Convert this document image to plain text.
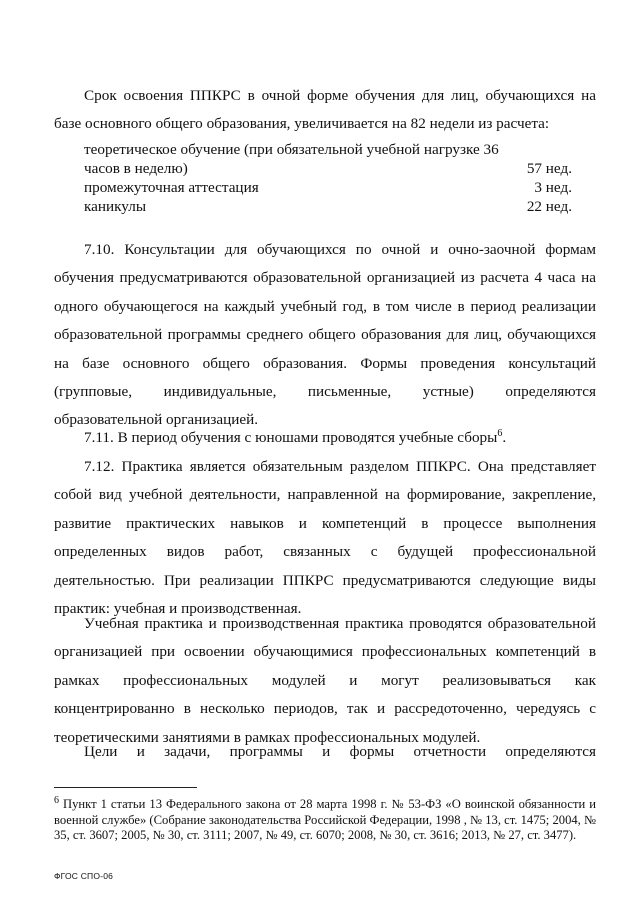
Срок освоения ППКРС в очной форме обучения для лиц, обучающихся на базе основного общего образования, увеличивается на 82 недели из расчета:

теоретическое обучение (при обязательной учебной нагрузке 36 часов в неделю)	57 нед.
промежуточная аттестация	3 нед.
каникулы	22 нед.

7.10. Консультации для обучающихся по очной и очно-заочной формам обучения предусматриваются образовательной организацией из расчета 4 часа на одного обучающегося на каждый учебный год, в том числе в период реализации образовательной программы среднего общего образования для лиц, обучающихся на базе основного общего образования. Формы проведения консультаций (групповые, индивидуальные, письменные, устные) определяются образовательной организацией.

7.11. В период обучения с юношами проводятся учебные сборы$^6$.

7.12. Практика является обязательным разделом ППКРС. Она представляет собой вид учебной деятельности, направленной на формирование, закрепление, развитие практических навыков и компетенций в процессе выполнения определенных видов работ, связанных с будущей профессиональной деятельностью. При реализации ППКРС предусматриваются следующие виды практик: учебная и производственная.

Учебная практика и производственная практика проводятся образовательной организацией при освоении обучающимися профессиональных компетенций в рамках профессиональных модулей и могут реализовываться как концентрированно в несколько периодов, так и рассредоточенно, чередуясь с теоретическими занятиями в рамках профессиональных модулей.

Цели и задачи, программы и формы отчетности определяются

$^6$ Пункт 1 статьи 13 Федерального закона от 28 марта 1998 г. № 53-ФЗ «О воинской обязанности и военной службе» (Собрание законодательства Российской Федерации, 1998 , № 13, ст. 1475; 2004, № 35, ст. 3607; 2005, № 30, ст. 3111; 2007, № 49, ст. 6070; 2008, № 30, ст. 3616; 2013, № 27, ст. 3477).

ФГОС СПО-06
